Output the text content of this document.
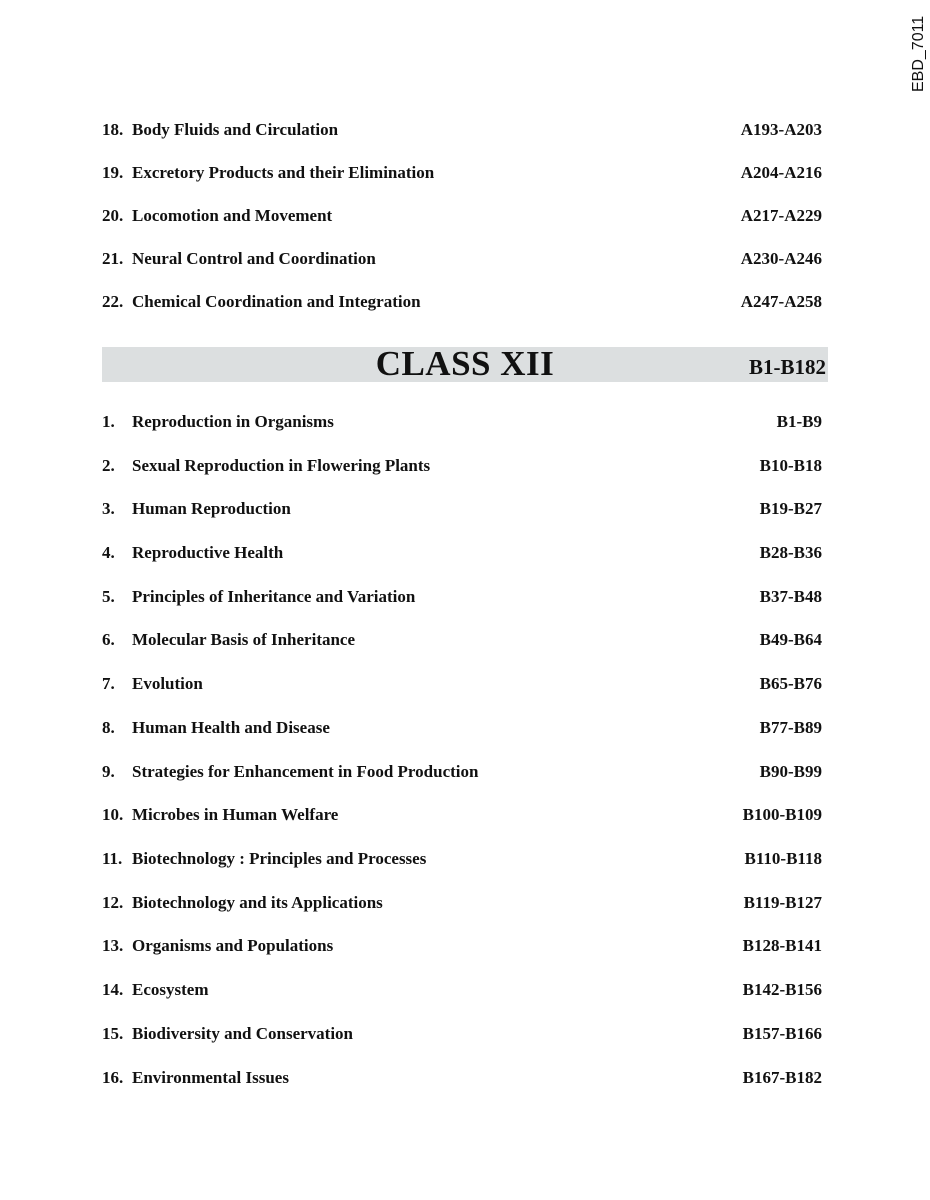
EBD_7011
18. Body Fluids and Circulation	A193-A203
19. Excretory Products and their Elimination	A204-A216
20. Locomotion and Movement	A217-A229
21. Neural Control and Coordination	A230-A246
22. Chemical Coordination and Integration	A247-A258
CLASS XII	B1-B182
1.	Reproduction in Organisms	B1-B9
2.	Sexual Reproduction in Flowering Plants	B10-B18
3.	Human Reproduction	B19-B27
4.	Reproductive Health	B28-B36
5.	Principles of Inheritance and Variation	B37-B48
6.	Molecular Basis of Inheritance	B49-B64
7.	Evolution	B65-B76
8.	Human Health and Disease	B77-B89
9.	Strategies for Enhancement in Food Production	B90-B99
10. Microbes in Human Welfare	B100-B109
11. Biotechnology : Principles and Processes	B110-B118
12. Biotechnology and its Applications	B119-B127
13. Organisms and Populations	B128-B141
14. Ecosystem	B142-B156
15. Biodiversity and Conservation	B157-B166
16. Environmental Issues	B167-B182
